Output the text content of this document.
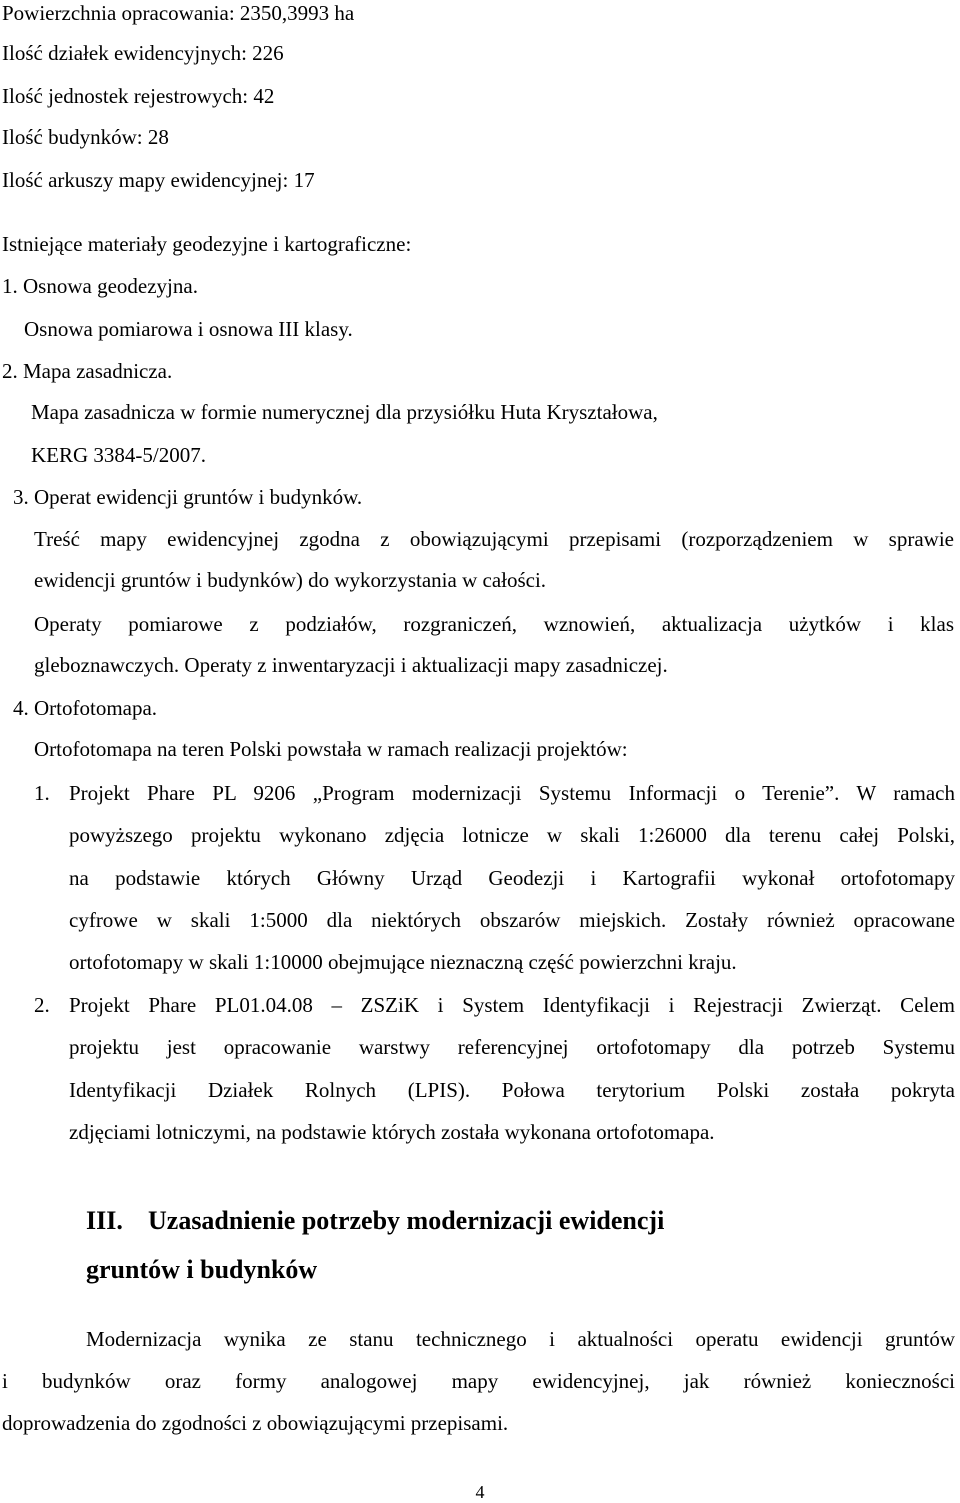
Powierzchnia opracowania: 2350,3993 ha
Ilość działek ewidencyjnych: 226
Ilość jednostek rejestrowych: 42
Ilość budynków: 28
Ilość arkuszy mapy ewidencyjnej: 17
Istniejące materiały geodezyjne i kartograficzne:
1. Osnowa geodezyjna.
Osnowa pomiarowa i osnowa III klasy.
2. Mapa zasadnicza.
Mapa zasadnicza w formie numerycznej dla przysiółku Huta Kryształowa,
KERG 3384-5/2007.
3. Operat ewidencji gruntów i budynków.
Treść mapy ewidencyjnej zgodna z obowiązującymi przepisami (rozporządzeniem w sprawie
ewidencji gruntów i budynków) do wykorzystania w całości.
Operaty pomiarowe z podziałów, rozgraniczeń, wznowień, aktualizacja użytków i klas
gleboznawczych. Operaty z inwentaryzacji i aktualizacji mapy zasadniczej.
4. Ortofotomapa.
Ortofotomapa na teren Polski powstała w ramach realizacji projektów:
1. Projekt Phare PL 9206 „Program modernizacji Systemu Informacji o Terenie”. W ramach
powyższego projektu wykonano zdjęcia lotnicze w skali 1:26000 dla terenu całej Polski,
na podstawie których Główny Urząd Geodezji i Kartografii wykonał ortofotomapy
cyfrowe w skali 1:5000 dla niektórych obszarów miejskich. Zostały również opracowane
ortofotomapy w skali 1:10000 obejmujące nieznaczną część powierzchni kraju.
2. Projekt Phare PL01.04.08 – ZSZiK i System Identyfikacji i Rejestracji Zwierząt. Celem
projektu jest opracowanie warstwy referencyjnej ortofotomapy dla potrzeb Systemu
Identyfikacji Działek Rolnych (LPIS). Połowa terytorium Polski została pokryta
zdjęciami lotniczymi, na podstawie których została wykonana ortofotomapa.
III. Uzasadnienie potrzeby modernizacji ewidencji
gruntów i budynków
Modernizacja wynika ze stanu technicznego i aktualności operatu ewidencji gruntów
i budynków oraz formy analogowej mapy ewidencyjnej, jak również konieczności
doprowadzenia do zgodności z obowiązującymi przepisami.
4
